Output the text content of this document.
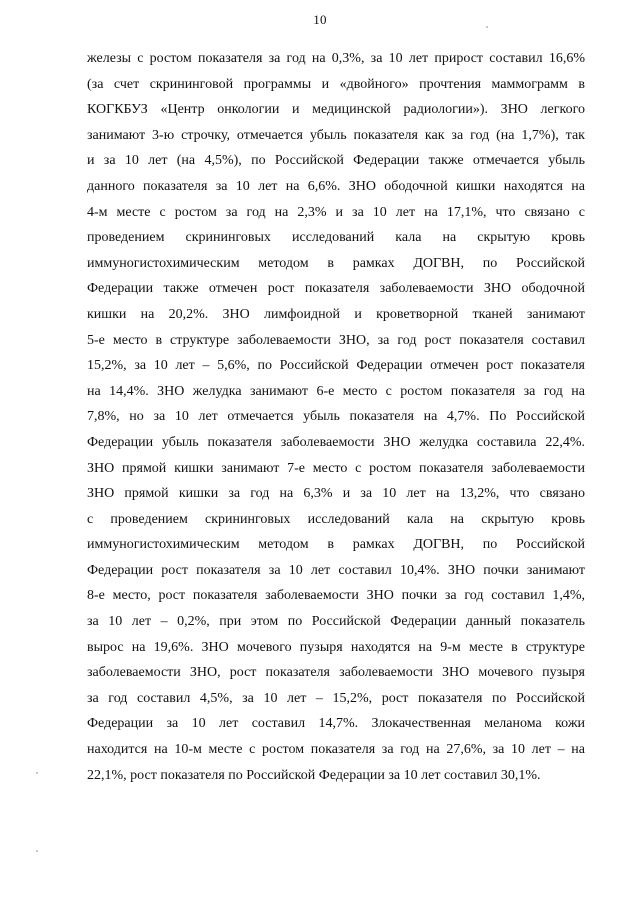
10
железы с ростом показателя за год на 0,3%, за 10 лет прирост составил 16,6%
(за счет скрининговой программы и «двойного» прочтения маммограмм в
КОГКБУЗ «Центр онкологии и медицинской радиологии»). ЗНО легкого
занимают 3-ю строчку, отмечается убыль показателя как за год (на 1,7%), так
и за 10 лет (на 4,5%), по Российской Федерации также отмечается убыль
данного показателя за 10 лет на 6,6%. ЗНО ободочной кишки находятся на
4-м месте с ростом за год на 2,3% и за 10 лет на 17,1%, что связано с
проведением скрининговых исследований кала на скрытую кровь
иммуногистохимическим методом в рамках ДОГВН, по Российской
Федерации также отмечен рост показателя заболеваемости ЗНО ободочной
кишки на 20,2%. ЗНО лимфоидной и кроветворной тканей занимают
5-е место в структуре заболеваемости ЗНО, за год рост показателя составил
15,2%, за 10 лет – 5,6%, по Российской Федерации отмечен рост показателя
на 14,4%. ЗНО желудка занимают 6-е место с ростом показателя за год на
7,8%, но за 10 лет отмечается убыль показателя на 4,7%. По Российской
Федерации убыль показателя заболеваемости ЗНО желудка составила 22,4%.
ЗНО прямой кишки занимают 7-е место с ростом показателя заболеваемости
ЗНО прямой кишки за год на 6,3% и за 10 лет на 13,2%, что связано
с проведением скрининговых исследований кала на скрытую кровь
иммуногистохимическим методом в рамках ДОГВН, по Российской
Федерации рост показателя за 10 лет составил 10,4%. ЗНО почки занимают
8-е место, рост показателя заболеваемости ЗНО почки за год составил 1,4%,
за 10 лет – 0,2%, при этом по Российской Федерации данный показатель
вырос на 19,6%. ЗНО мочевого пузыря находятся на 9-м месте в структуре
заболеваемости ЗНО, рост показателя заболеваемости ЗНО мочевого пузыря
за год составил 4,5%, за 10 лет – 15,2%, рост показателя по Российской
Федерации за 10 лет составил 14,7%. Злокачественная меланома кожи
находится на 10-м месте с ростом показателя за год на 27,6%, за 10 лет – на
22,1%, рост показателя по Российской Федерации за 10 лет составил 30,1%.
